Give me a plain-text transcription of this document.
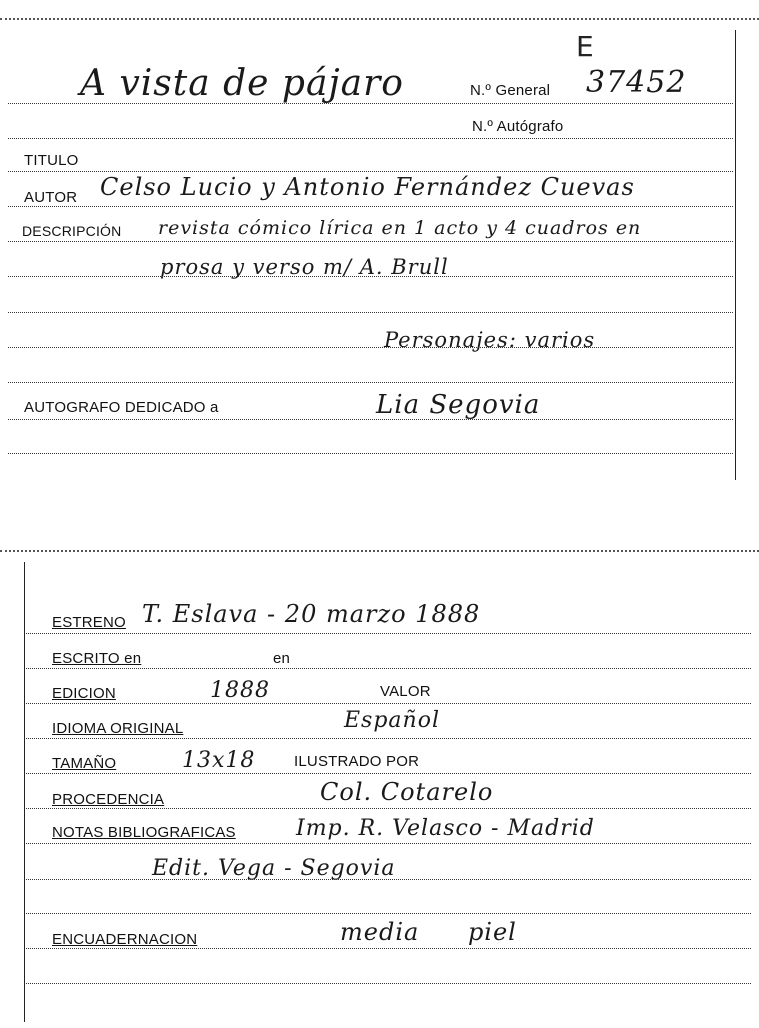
E
A vista de pájaro	N.º General 37452
N.º Autógrafo
TITULO
AUTOR Celso Lucio y Antonio Fernández Cuevas
DESCRIPCIÓN revista cómico lírica en 1 acto y 4 cuadros en
prosa y verso m/ A. Brull
Personajes: varios
AUTOGRAFO DEDICADO a	Lia Segovia
ESTRENO T. Eslava - 20 marzo 1888
ESCRITO en	en
EDICION	1888	VALOR
IDIOMA ORIGINAL	Español
TAMAÑO	13x18	ILUSTRADO POR
PROCEDENCIA	Col. Cotarelo
NOTAS BIBLIOGRAFICAS	Imp. R. Velasco - Madrid
Edit. Vega - Segovia
ENCUADERNACION	media piel
